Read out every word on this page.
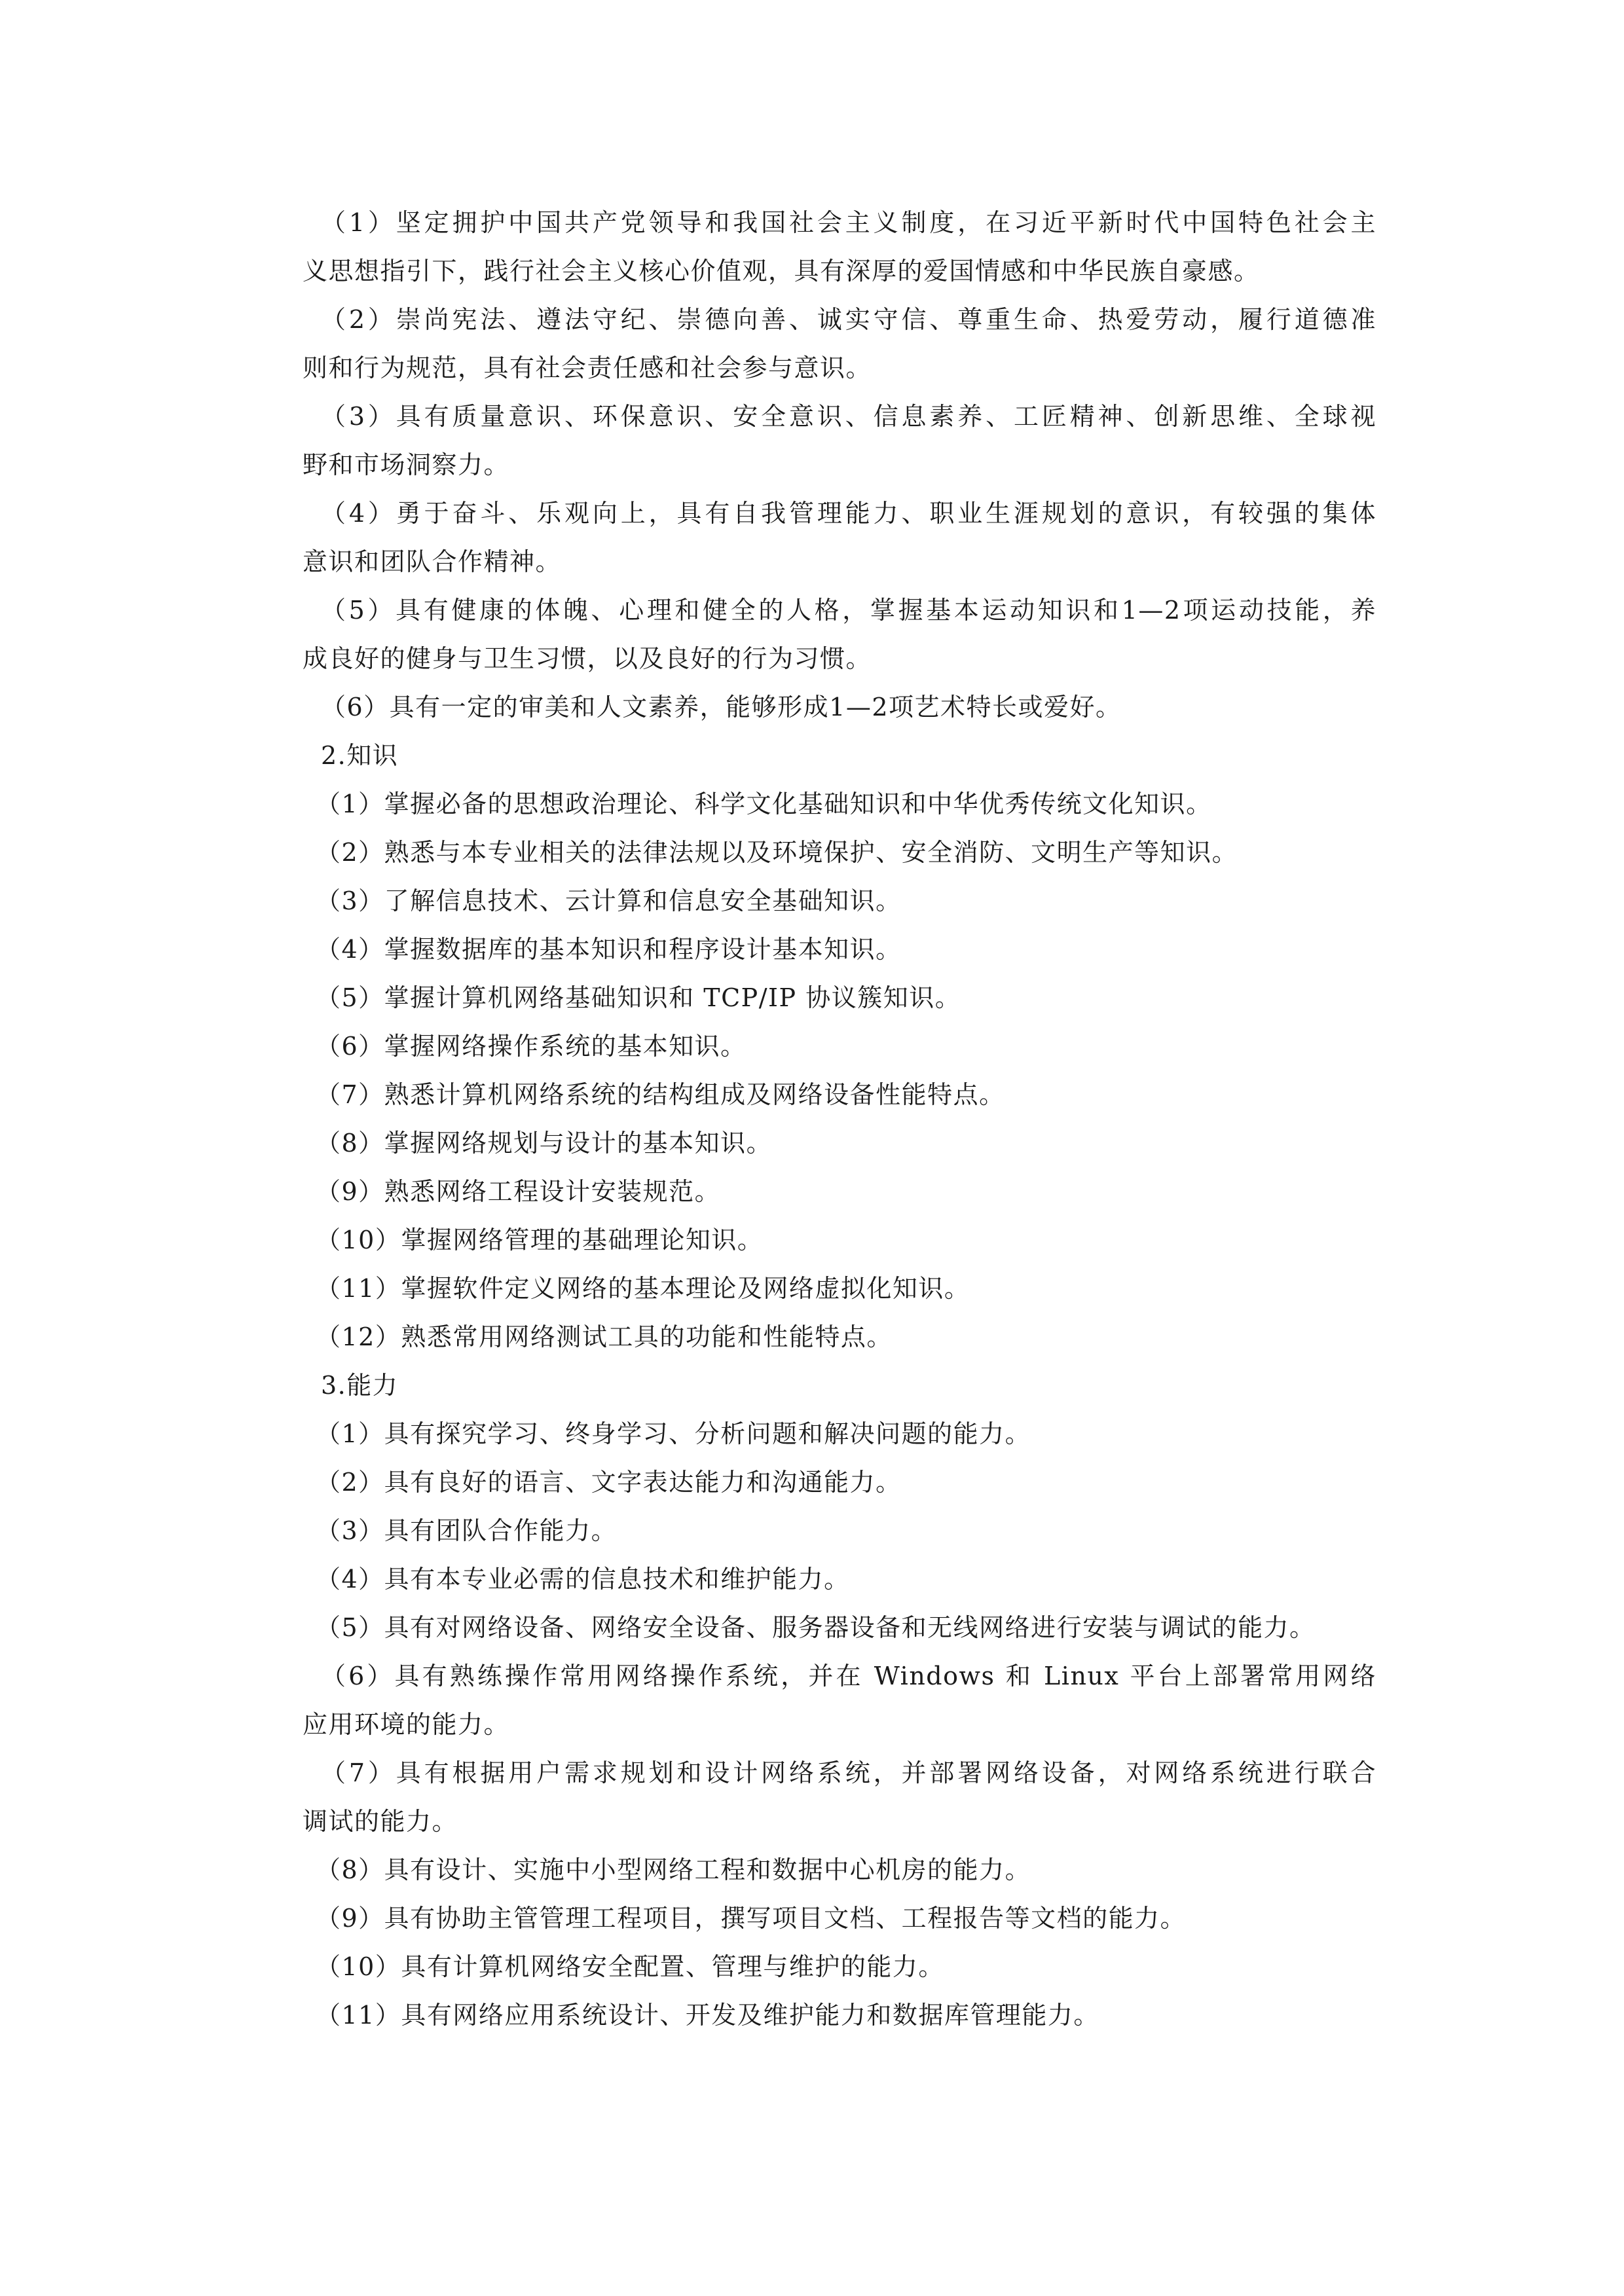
（1）坚定拥护中国共产党领导和我国社会主义制度，在习近平新时代中国特色社会主
义思想指引下，践行社会主义核心价值观，具有深厚的爱国情感和中华民族自豪感。
（2）崇尚宪法、遵法守纪、崇德向善、诚实守信、尊重生命、热爱劳动，履行道德准
则和行为规范，具有社会责任感和社会参与意识。
（3）具有质量意识、环保意识、安全意识、信息素养、工匠精神、创新思维、全球视
野和市场洞察力。
（4）勇于奋斗、乐观向上，具有自我管理能力、职业生涯规划的意识，有较强的集体
意识和团队合作精神。
（5）具有健康的体魄、心理和健全的人格，掌握基本运动知识和1—2项运动技能，养
成良好的健身与卫生习惯，以及良好的行为习惯。
（6）具有一定的审美和人文素养，能够形成1—2项艺术特长或爱好。
2.知识
（1）掌握必备的思想政治理论、科学文化基础知识和中华优秀传统文化知识。
（2）熟悉与本专业相关的法律法规以及环境保护、安全消防、文明生产等知识。
（3）了解信息技术、云计算和信息安全基础知识。
（4）掌握数据库的基本知识和程序设计基本知识。
（5）掌握计算机网络基础知识和 TCP/IP 协议簇知识。
（6）掌握网络操作系统的基本知识。
（7）熟悉计算机网络系统的结构组成及网络设备性能特点。
（8）掌握网络规划与设计的基本知识。
（9）熟悉网络工程设计安装规范。
（10）掌握网络管理的基础理论知识。
（11）掌握软件定义网络的基本理论及网络虚拟化知识。
（12）熟悉常用网络测试工具的功能和性能特点。
3.能力
（1）具有探究学习、终身学习、分析问题和解决问题的能力。
（2）具有良好的语言、文字表达能力和沟通能力。
（3）具有团队合作能力。
（4）具有本专业必需的信息技术和维护能力。
（5）具有对网络设备、网络安全设备、服务器设备和无线网络进行安装与调试的能力。
（6）具有熟练操作常用网络操作系统，并在 Windows 和 Linux 平台上部署常用网络
应用环境的能力。
（7）具有根据用户需求规划和设计网络系统，并部署网络设备，对网络系统进行联合
调试的能力。
（8）具有设计、实施中小型网络工程和数据中心机房的能力。
（9）具有协助主管管理工程项目，撰写项目文档、工程报告等文档的能力。
（10）具有计算机网络安全配置、管理与维护的能力。
（11）具有网络应用系统设计、开发及维护能力和数据库管理能力。
